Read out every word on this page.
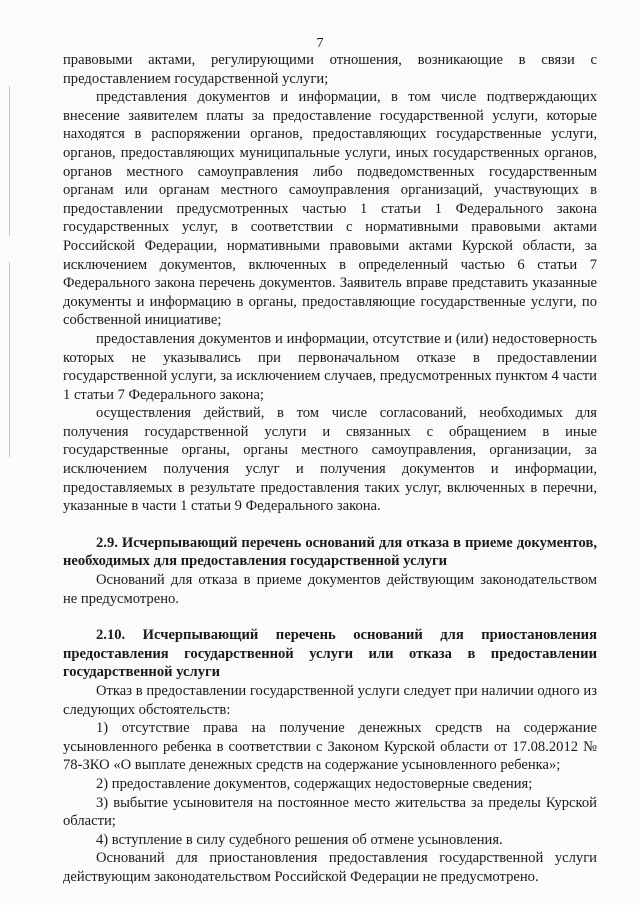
7

правовыми актами, регулирующими отношения, возникающие в связи с предоставлением государственной услуги;

представления документов и информации, в том числе подтверждающих внесение заявителем платы за предоставление государственной услуги, которые находятся в распоряжении органов, предоставляющих государственные услуги, органов, предоставляющих муниципальные услуги, иных государственных органов, органов местного самоуправления либо подведомственных государственным органам или органам местного самоуправления организаций, участвующих в предоставлении предусмотренных частью 1 статьи 1 Федерального закона государственных услуг, в соответствии с нормативными правовыми актами Российской Федерации, нормативными правовыми актами Курской области, за исключением документов, включенных в определенный частью 6 статьи 7 Федерального закона перечень документов. Заявитель вправе представить указанные документы и информацию в органы, предоставляющие государственные услуги, по собственной инициативе;

предоставления документов и информации, отсутствие и (или) недостоверность которых не указывались при первоначальном отказе в предоставлении государственной услуги, за исключением случаев, предусмотренных пунктом 4 части 1 статьи 7 Федерального закона;

осуществления действий, в том числе согласований, необходимых для получения государственной услуги и связанных с обращением в иные государственные органы, органы местного самоуправления, организации, за исключением получения услуг и получения документов и информации, предоставляемых в результате предоставления таких услуг, включенных в перечни, указанные в части 1 статьи 9 Федерального закона.

2.9. Исчерпывающий перечень оснований для отказа в приеме документов, необходимых для предоставления государственной услуги

Оснований для отказа в приеме документов действующим законодательством не предусмотрено.

2.10. Исчерпывающий перечень оснований для приостановления предоставления государственной услуги или отказа в предоставлении государственной услуги

Отказ в предоставлении государственной услуги следует при наличии одного из следующих обстоятельств:

1) отсутствие права на получение денежных средств на содержание усыновленного ребенка в соответствии с Законом Курской области от 17.08.2012 № 78-ЗКО «О выплате денежных средств на содержание усыновленного ребенка»;

2) предоставление документов, содержащих недостоверные сведения;

3) выбытие усыновителя на постоянное место жительства за пределы Курской области;

4) вступление в силу судебного решения об отмене усыновления.

Оснований для приостановления предоставления государственной услуги действующим законодательством Российской Федерации не предусмотрено.
